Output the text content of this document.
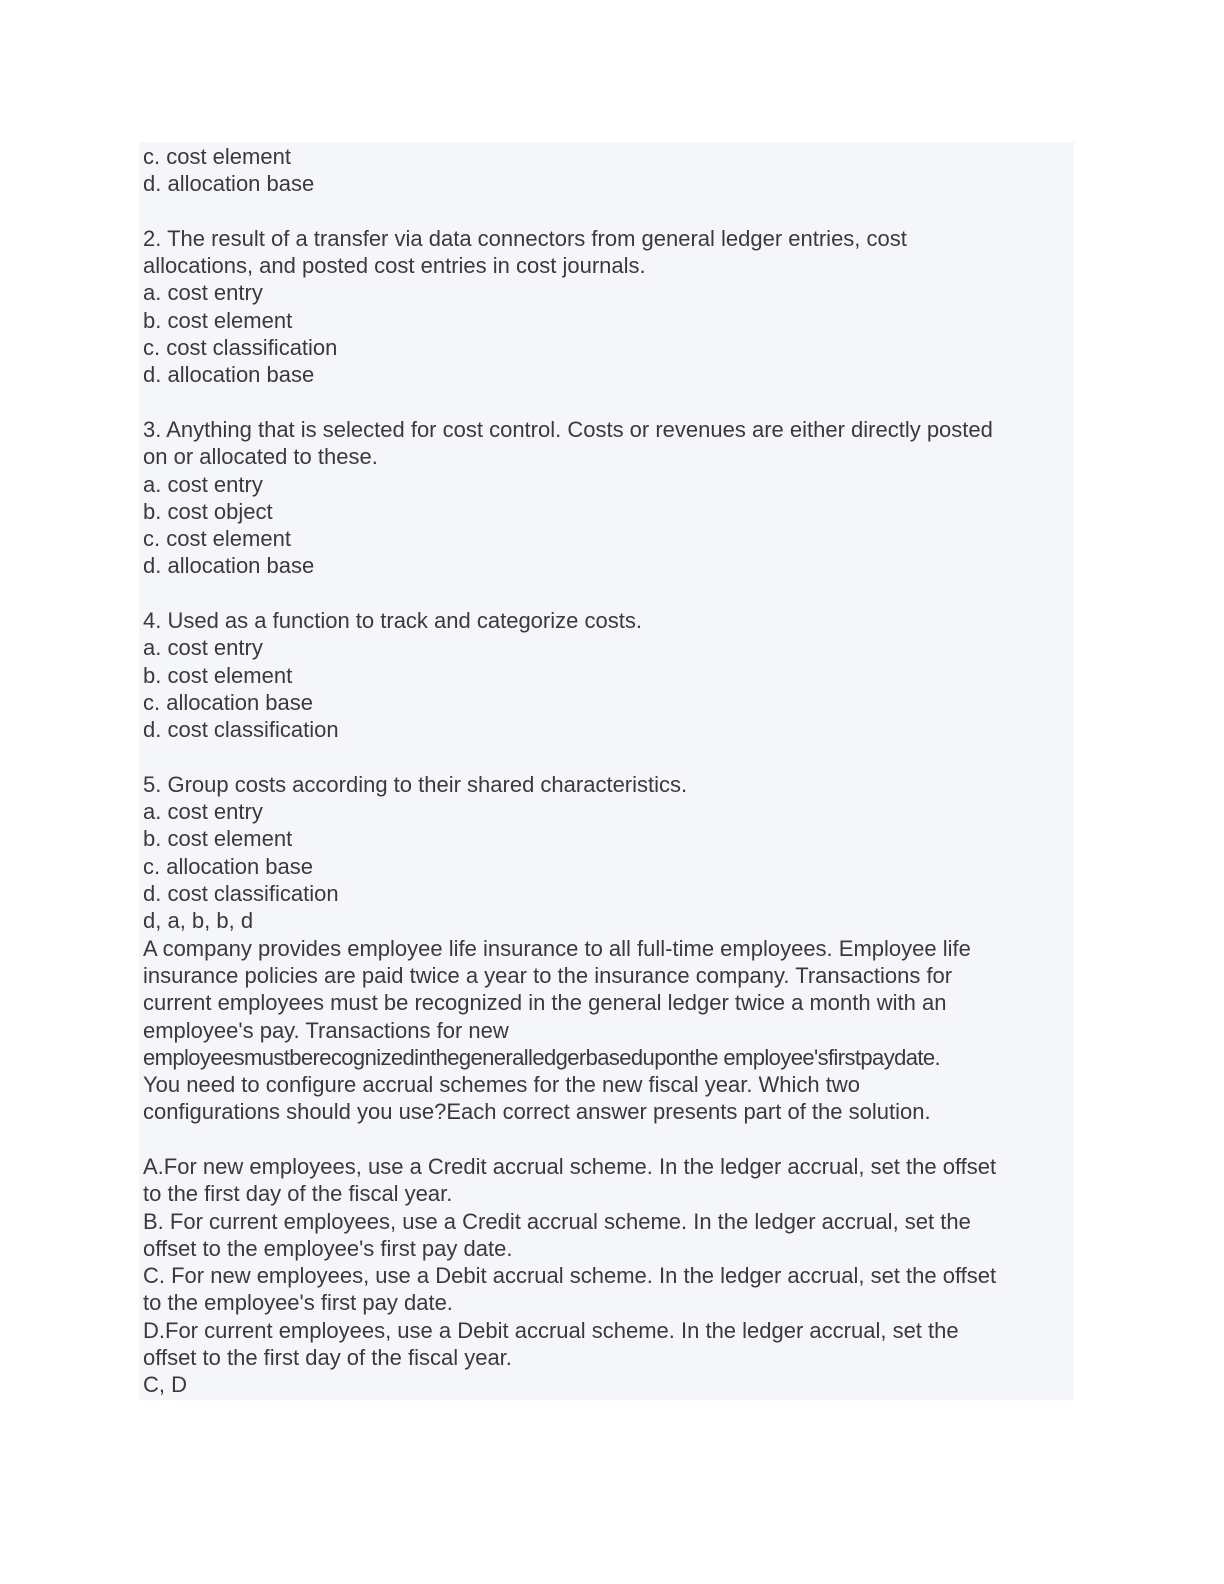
c. cost element
d. allocation base
2. The result of a transfer via data connectors from general ledger entries, cost
allocations, and posted cost entries in cost journals.
a. cost entry
b. cost element
c. cost classification
d. allocation base
3. Anything that is selected for cost control. Costs or revenues are either directly posted
on or allocated to these.
a. cost entry
b. cost object
c. cost element
d. allocation base
4. Used as a function to track and categorize costs.
a. cost entry
b. cost element
c. allocation base
d. cost classification
5. Group costs according to their shared characteristics.
a. cost entry
b. cost element
c. allocation base
d. cost classification
d, a, b, b, d
A company provides employee life insurance to all full-time employees. Employee life
insurance policies are paid twice a year to the insurance company. Transactions for
current employees must be recognized in the general ledger twice a month with an
employee's pay. Transactions for new
employeesmustberecognizedinthegeneralledgerbaseduponthe employee'sfirstpaydate.
You need to configure accrual schemes for the new fiscal year. Which two
configurations should you use?Each correct answer presents part of the solution.
A.For new employees, use a Credit accrual scheme. In the ledger accrual, set the offset
to the first day of the fiscal year.
B. For current employees, use a Credit accrual scheme. In the ledger accrual, set the
offset to the employee's first pay date.
C. For new employees, use a Debit accrual scheme. In the ledger accrual, set the offset
to the employee's first pay date.
D.For current employees, use a Debit accrual scheme. In the ledger accrual, set the
offset to the first day of the fiscal year.
C, D
